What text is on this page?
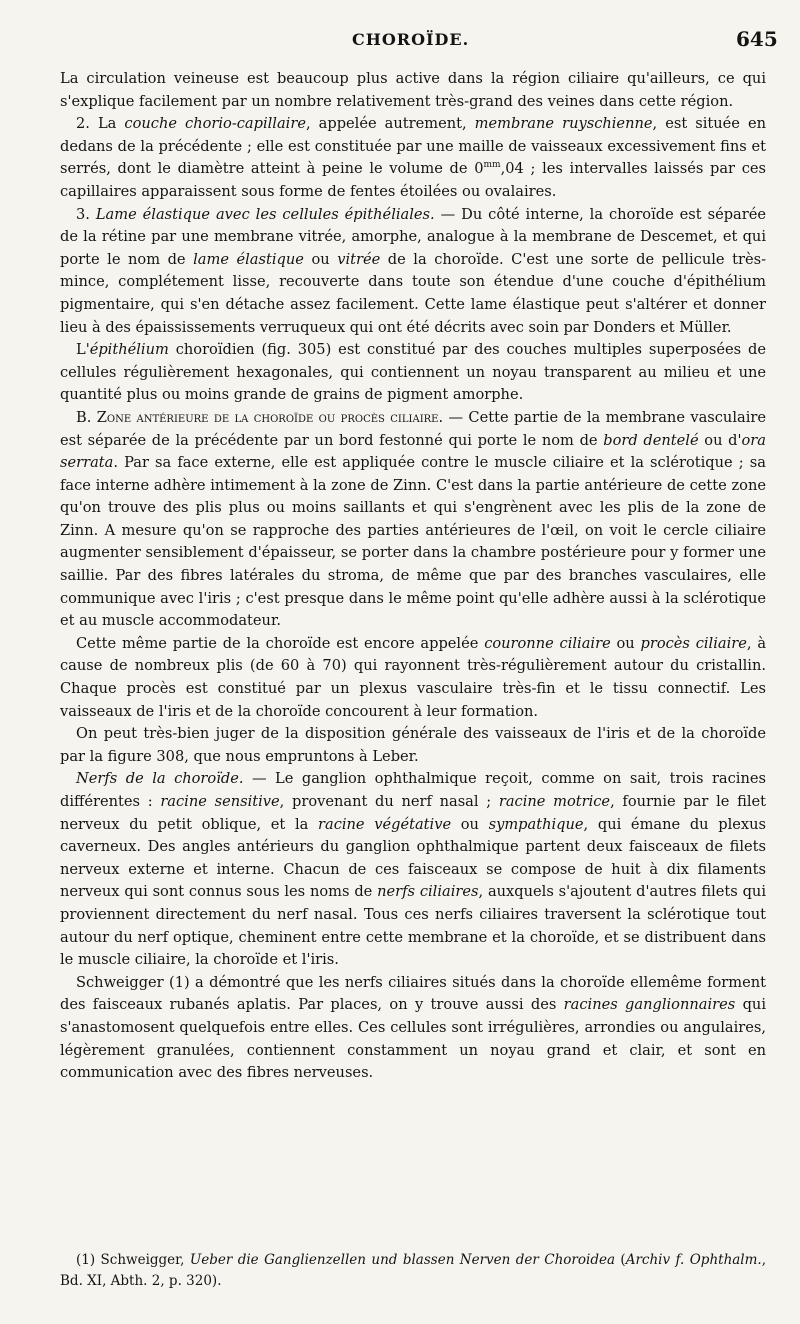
CHOROÏDE.	645

La circulation veineuse est beaucoup plus active dans la région ciliaire qu'ailleurs, ce qui s'explique facilement par un nombre relativement très-grand des veines dans cette région.

2. La couche chorio-capillaire, appelée autrement, membrane ruyschienne, est située en dedans de la précédente ; elle est constituée par une maille de vaisseaux excessivement fins et serrés, dont le diamètre atteint à peine le volume de $0^{mm},04$ ; les intervalles laissés par ces capillaires apparaissent sous forme de fentes étoilées ou ovalaires.

3. Lame élastique avec les cellules épithéliales. — Du côté interne, la choroïde est séparée de la rétine par une membrane vitrée, amorphe, analogue à la membrane de Descemet, et qui porte le nom de lame élastique ou vitrée de la choroïde. C'est une sorte de pellicule très-mince, complétement lisse, recouverte dans toute son étendue d'une couche d'épithélium pigmentaire, qui s'en détache assez facilement. Cette lame élastique peut s'altérer et donner lieu à des épaississements verruqueux qui ont été décrits avec soin par Donders et Müller.

L'épithélium choroïdien (fig. 305) est constitué par des couches multiples superposées de cellules régulièrement hexagonales, qui contiennent un noyau transparent au milieu et une quantité plus ou moins grande de grains de pigment amorphe.

B. Zone antérieure de la choroïde ou procès ciliaire. — Cette partie de la membrane vasculaire est séparée de la précédente par un bord festonné qui porte le nom de bord dentelé ou d'ora serrata. Par sa face externe, elle est appliquée contre le muscle ciliaire et la sclérotique ; sa face interne adhère intimement à la zone de Zinn. C'est dans la partie antérieure de cette zone qu'on trouve des plis plus ou moins saillants et qui s'engrènent avec les plis de la zone de Zinn. A mesure qu'on se rapproche des parties antérieures de l'œil, on voit le cercle ciliaire augmenter sensiblement d'épaisseur, se porter dans la chambre postérieure pour y former une saillie. Par des fibres latérales du stroma, de même que par des branches vasculaires, elle communique avec l'iris ; c'est presque dans le même point qu'elle adhère aussi à la sclérotique et au muscle accommodateur.

Cette même partie de la choroïde est encore appelée couronne ciliaire ou procès ciliaire, à cause de nombreux plis (de 60 à 70) qui rayonnent très-régulièrement autour du cristallin. Chaque procès est constitué par un plexus vasculaire très-fin et le tissu connectif. Les vaisseaux de l'iris et de la choroïde concourent à leur formation.

On peut très-bien juger de la disposition générale des vaisseaux de l'iris et de la choroïde par la figure 308, que nous empruntons à Leber.

Nerfs de la choroïde. — Le ganglion ophthalmique reçoit, comme on sait, trois racines différentes : racine sensitive, provenant du nerf nasal ; racine motrice, fournie par le filet nerveux du petit oblique, et la racine végétative ou sympathique, qui émane du plexus caverneux. Des angles antérieurs du ganglion ophthalmique partent deux faisceaux de filets nerveux externe et interne. Chacun de ces faisceaux se compose de huit à dix filaments nerveux qui sont connus sous les noms de nerfs ciliaires, auxquels s'ajoutent d'autres filets qui proviennent directement du nerf nasal. Tous ces nerfs ciliaires traversent la sclérotique tout autour du nerf optique, cheminent entre cette membrane et la choroïde, et se distribuent dans le muscle ciliaire, la choroïde et l'iris.

Schweigger (1) a démontré que les nerfs ciliaires situés dans la choroïde ellemême forment des faisceaux rubanés aplatis. Par places, on y trouve aussi des racines ganglionnaires qui s'anastomosent quelquefois entre elles. Ces cellules sont irrégulières, arrondies ou angulaires, légèrement granulées, contiennent constamment un noyau grand et clair, et sont en communication avec des fibres nerveuses.

(1) Schweigger, Ueber die Ganglienzellen und blassen Nerven der Choroidea (Archiv f. Ophthalm., Bd. XI, Abth. 2, p. 320).
